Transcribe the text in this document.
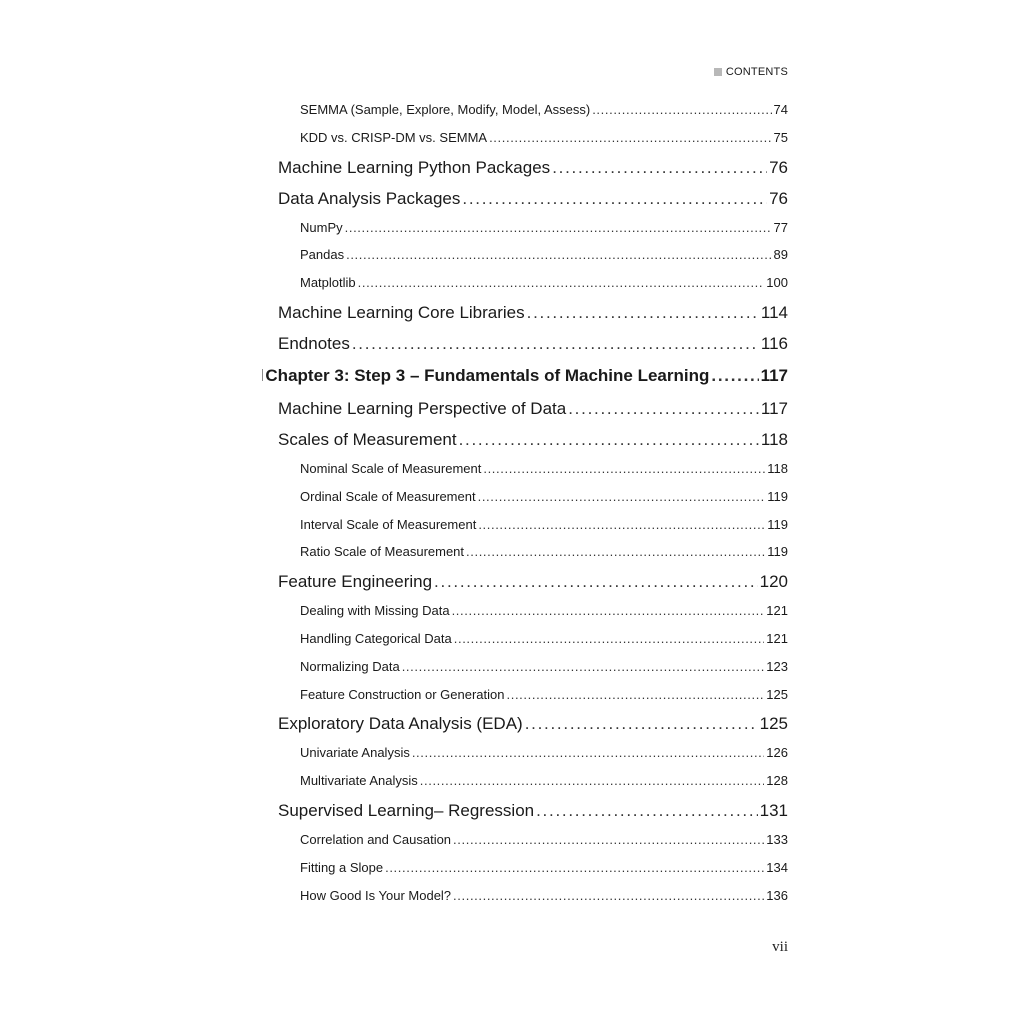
CONTENTS
SEMMA (Sample, Explore, Modify, Model, Assess) . . .	74
KDD vs. CRISP-DM vs. SEMMA . . .	75
Machine Learning Python Packages . . .	76
Data Analysis Packages . . .	76
NumPy . . .	77
Pandas . . .	89
Matplotlib . . .	100
Machine Learning Core Libraries . . .	114
Endnotes . . .	116
Chapter 3: Step 3 – Fundamentals of Machine Learning . . .	117
Machine Learning Perspective of Data . . .	117
Scales of Measurement . . .	118
Nominal Scale of Measurement . . .	118
Ordinal Scale of Measurement . . .	119
Interval Scale of Measurement . . .	119
Ratio Scale of Measurement . . .	119
Feature Engineering . . .	120
Dealing with Missing Data . . .	121
Handling Categorical Data . . .	121
Normalizing Data . . .	123
Feature Construction or Generation . . .	125
Exploratory Data Analysis (EDA) . . .	125
Univariate Analysis . . .	126
Multivariate Analysis . . .	128
Supervised Learning– Regression . . .	131
Correlation and Causation . . .	133
Fitting a Slope . . .	134
How Good Is Your Model? . . .	136
vii
